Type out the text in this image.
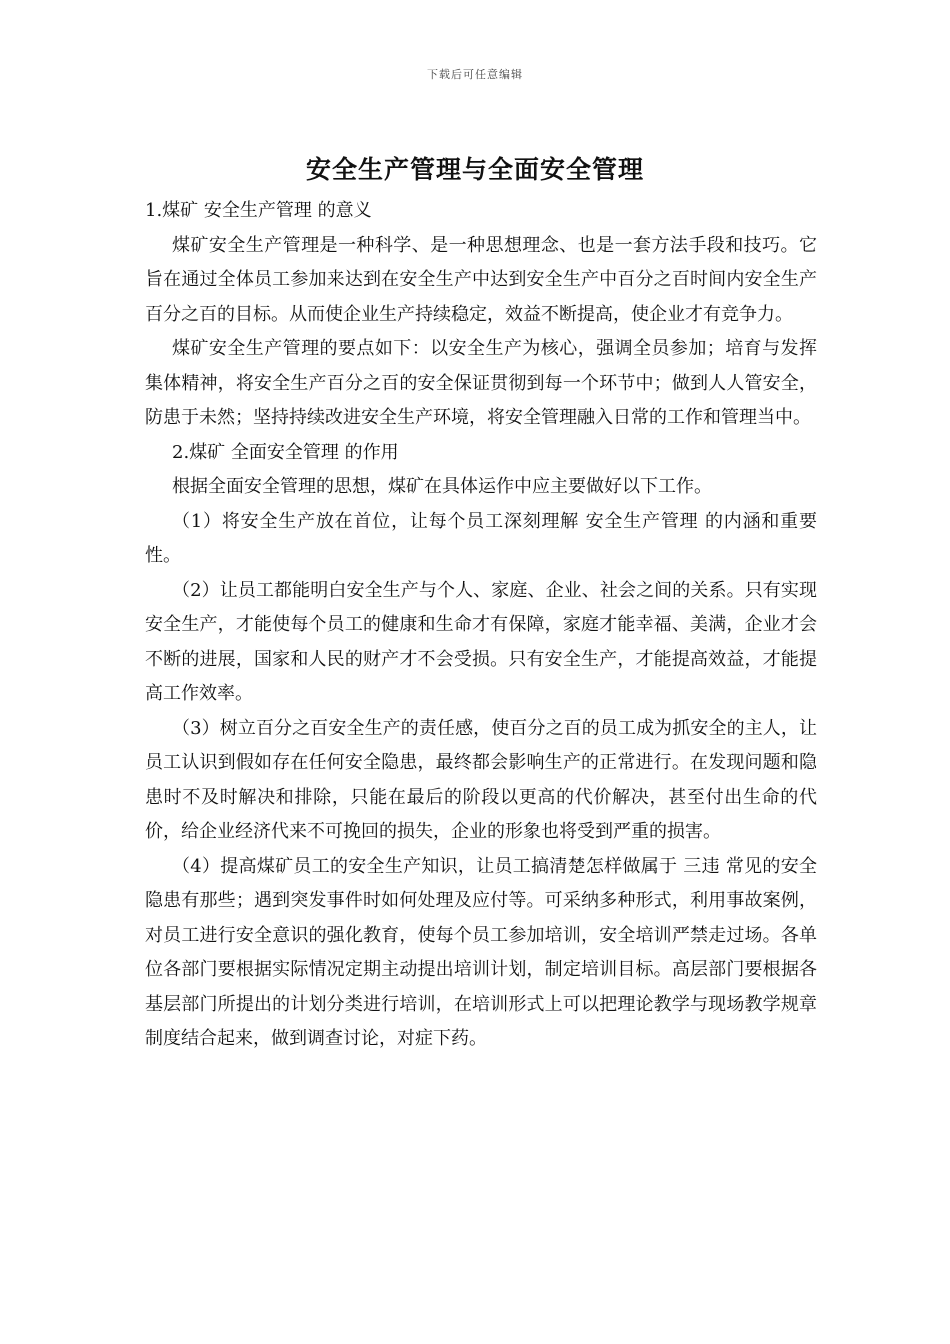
下载后可任意编辑
安全生产管理与全面安全管理

1.煤矿 安全生产管理 的意义

煤矿安全生产管理是一种科学、是一种思想理念、也是一套方法手段和技巧。它旨在通过全体员工参加来达到在安全生产中达到安全生产中百分之百时间内安全生产百分之百的目标。从而使企业生产持续稳定，效益不断提高，使企业才有竞争力。

煤矿安全生产管理的要点如下：以安全生产为核心，强调全员参加；培育与发挥集体精神，将安全生产百分之百的安全保证贯彻到每一个环节中；做到人人管安全，防患于未然；坚持持续改进安全生产环境，将安全管理融入日常的工作和管理当中。

2.煤矿 全面安全管理 的作用

根据全面安全管理的思想，煤矿在具体运作中应主要做好以下工作。

（1）将安全生产放在首位，让每个员工深刻理解 安全生产管理 的内涵和重要性。

（2）让员工都能明白安全生产与个人、家庭、企业、社会之间的关系。只有实现安全生产，才能使每个员工的健康和生命才有保障，家庭才能幸福、美满，企业才会不断的进展，国家和人民的财产才不会受损。只有安全生产，才能提高效益，才能提高工作效率。

（3）树立百分之百安全生产的责任感，使百分之百的员工成为抓安全的主人，让员工认识到假如存在任何安全隐患，最终都会影响生产的正常进行。在发现问题和隐患时不及时解决和排除，只能在最后的阶段以更高的代价解决，甚至付出生命的代价，给企业经济代来不可挽回的损失，企业的形象也将受到严重的损害。

（4）提高煤矿员工的安全生产知识，让员工搞清楚怎样做属于 三违 常见的安全隐患有那些；遇到突发事件时如何处理及应付等。可采纳多种形式，利用事故案例，对员工进行安全意识的强化教育，使每个员工参加培训，安全培训严禁走过场。各单位各部门要根据实际情况定期主动提出培训计划，制定培训目标。高层部门要根据各基层部门所提出的计划分类进行培训，在培训形式上可以把理论教学与现场教学规章制度结合起来，做到调查讨论，对症下药。
